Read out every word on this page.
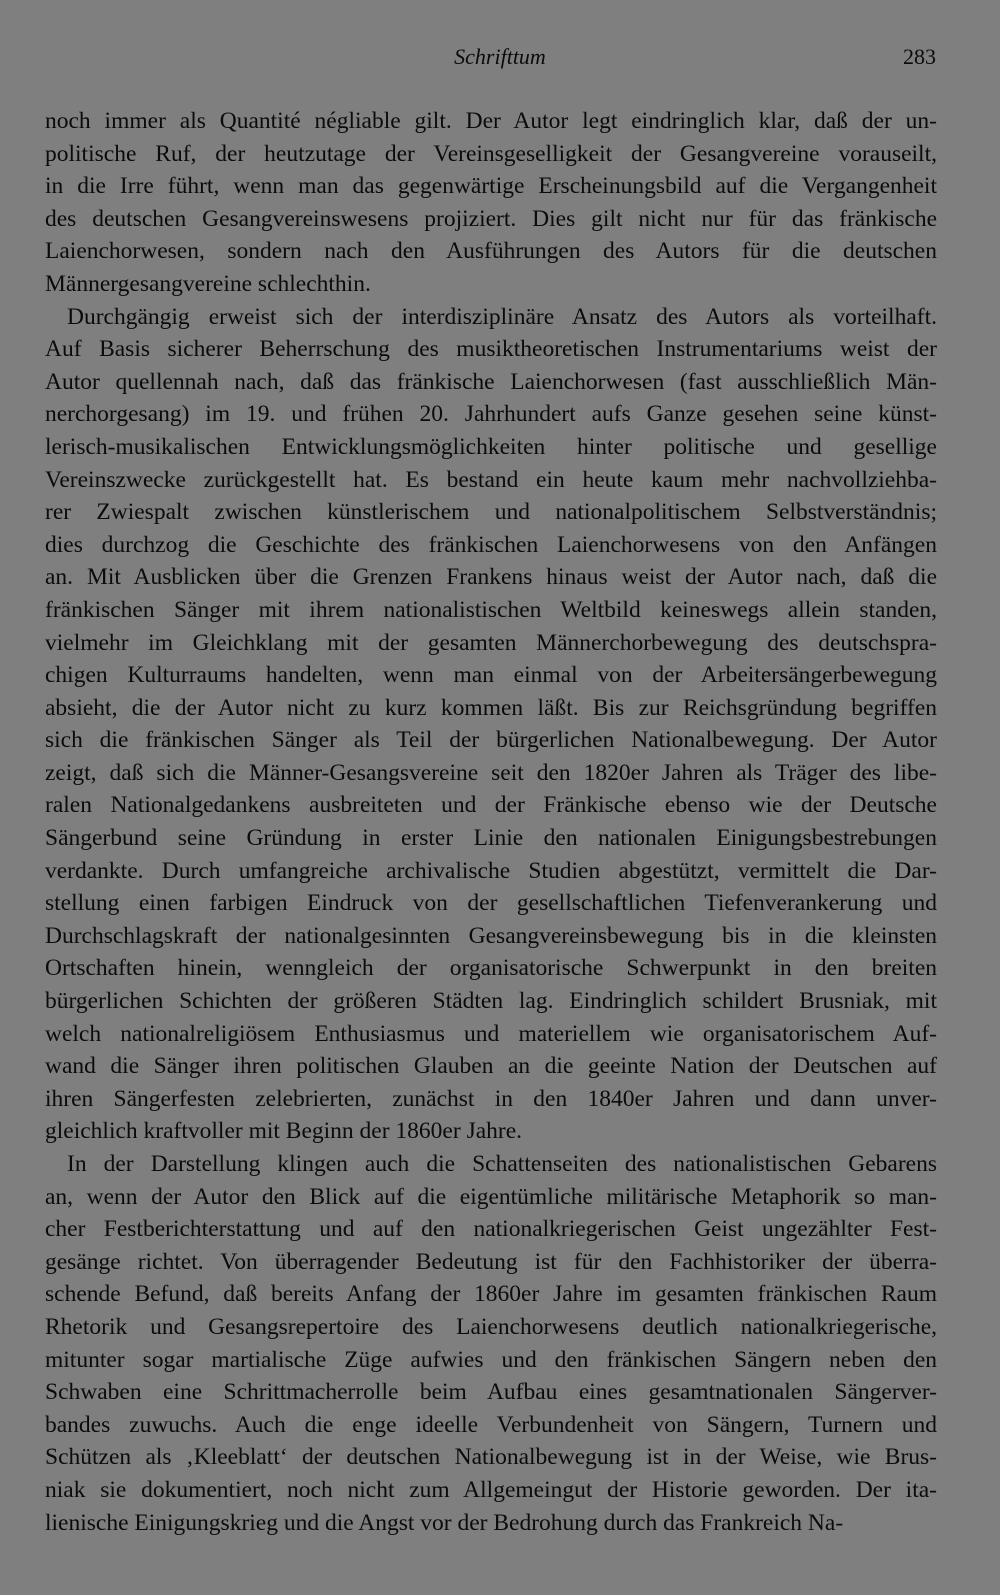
Schrifttum	283
noch immer als Quantité négliable gilt. Der Autor legt eindringlich klar, daß der un-
politische Ruf, der heutzutage der Vereinsgeselligkeit der Gesangvereine vorauseilt,
in die Irre führt, wenn man das gegenwärtige Erscheinungsbild auf die Vergangenheit
des deutschen Gesangvereinswesens projiziert. Dies gilt nicht nur für das fränkische
Laienchorwesen, sondern nach den Ausführungen des Autors für die deutschen
Männergesangvereine schlechthin.
Durchgängig erweist sich der interdisziplinäre Ansatz des Autors als vorteilhaft.
Auf Basis sicherer Beherrschung des musiktheoretischen Instrumentariums weist der
Autor quellennah nach, daß das fränkische Laienchorwesen (fast ausschließlich Män-
nerchorgesang) im 19. und frühen 20. Jahrhundert aufs Ganze gesehen seine künst-
lerisch-musikalischen Entwicklungsmöglichkeiten hinter politische und gesellige
Vereinszwecke zurückgestellt hat. Es bestand ein heute kaum mehr nachvollziehba-
rer Zwiespalt zwischen künstlerischem und nationalpolitischem Selbstverständnis;
dies durchzog die Geschichte des fränkischen Laienchorwesens von den Anfängen
an. Mit Ausblicken über die Grenzen Frankens hinaus weist der Autor nach, daß die
fränkischen Sänger mit ihrem nationalistischen Weltbild keineswegs allein standen,
vielmehr im Gleichklang mit der gesamten Männerchorbewegung des deutschspra-
chigen Kulturraums handelten, wenn man einmal von der Arbeitersängerbewegung
absieht, die der Autor nicht zu kurz kommen läßt. Bis zur Reichsgründung begriffen
sich die fränkischen Sänger als Teil der bürgerlichen Nationalbewegung. Der Autor
zeigt, daß sich die Männer-Gesangsvereine seit den 1820er Jahren als Träger des libe-
ralen Nationalgedankens ausbreiteten und der Fränkische ebenso wie der Deutsche
Sängerbund seine Gründung in erster Linie den nationalen Einigungsbestrebungen
verdankte. Durch umfangreiche archivalische Studien abgestützt, vermittelt die Dar-
stellung einen farbigen Eindruck von der gesellschaftlichen Tiefenverankerung und
Durchschlagskraft der nationalgesinnten Gesangvereinsbewegung bis in die kleinsten
Ortschaften hinein, wenngleich der organisatorische Schwerpunkt in den breiten
bürgerlichen Schichten der größeren Städten lag. Eindringlich schildert Brusniak, mit
welch nationalreligiösem Enthusiasmus und materiellem wie organisatorischem Auf-
wand die Sänger ihren politischen Glauben an die geeinte Nation der Deutschen auf
ihren Sängerfesten zelebrierten, zunächst in den 1840er Jahren und dann unver-
gleichlich kraftvoller mit Beginn der 1860er Jahre.
In der Darstellung klingen auch die Schattenseiten des nationalistischen Gebarens
an, wenn der Autor den Blick auf die eigentümliche militärische Metaphorik so man-
cher Festberichterstattung und auf den nationalkriegerischen Geist ungezählter Fest-
gesänge richtet. Von überragender Bedeutung ist für den Fachhistoriker der überra-
schende Befund, daß bereits Anfang der 1860er Jahre im gesamten fränkischen Raum
Rhetorik und Gesangsrepertoire des Laienchorwesens deutlich nationalkriegerische,
mitunter sogar martialische Züge aufwies und den fränkischen Sängern neben den
Schwaben eine Schrittmacherrolle beim Aufbau eines gesamtnationalen Sängerver-
bandes zuwuchs. Auch die enge ideelle Verbundenheit von Sängern, Turnern und
Schützen als ‚Kleeblatt‘ der deutschen Nationalbewegung ist in der Weise, wie Brus-
niak sie dokumentiert, noch nicht zum Allgemeingut der Historie geworden. Der ita-
lienische Einigungskrieg und die Angst vor der Bedrohung durch das Frankreich Na-
